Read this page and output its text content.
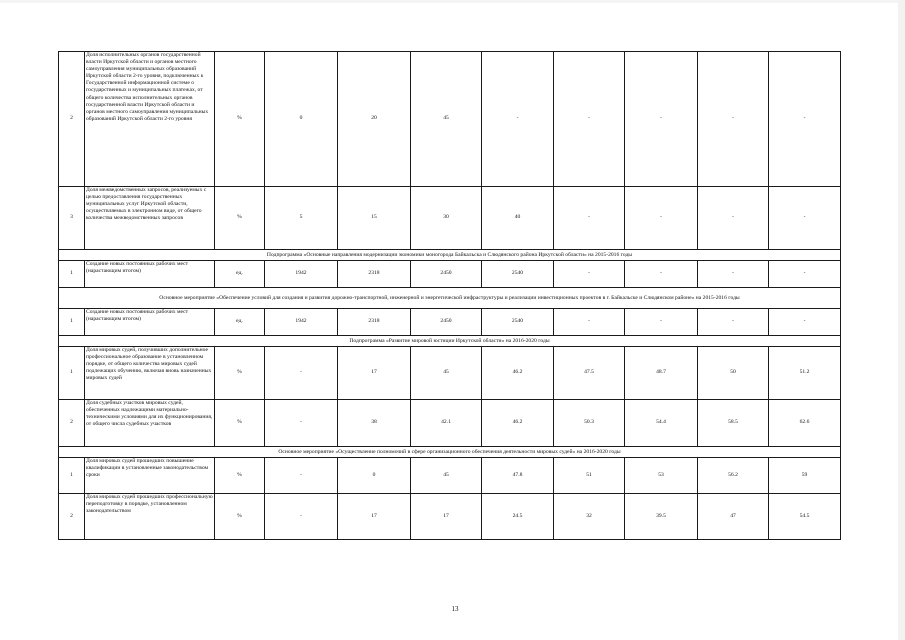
2	Доля исполнительных органов государственной власти Иркутской области и органов местного самоуправления муниципальных образований Иркутской области 2-го уровня, подключенных к Государственной информационной системе о государственных и муниципальных платежах, от общего количества исполнительных органов государственной власти Иркутской области и органов местного самоуправления муниципальных образований Иркутской области 2-го уровня	%	0	20	45	-	-	-	-	-
3	Доля межведомственных запросов, реализуемых с целью предоставления государственных муниципальных услуг Иркутской области, осуществляемых в электронном виде, от общего количества межведомственных запросов	%	5	15	30	40	-	-	-	-
Подпрограмма «Основные направления модернизации экономики моногорода Байкальска и Слюдянского района Иркутской области» на 2015-2016 годы										
1	Создание новых постоянных рабочих мест (нарастающим итогом)	ед.	1942	2318	2450	2540	-	-	-	-
Основное мероприятие «Обеспечение условий для создания и развития дорожно-транспортной, инженерной и энергетической инфраструктуры и реализации инвестиционных проектов в г. Байкальске и Слюдянском районе» на 2015-2016 годы										
1	Создание новых постоянных рабочих мест (нарастающим итогом)	ед.	1942	2318	2450	2540	-	-	-	-
Подпрограмма «Развитие мировой юстиции Иркутской области» на 2016-2020 годы										
1	Доля мировых судей, получивших дополнительное профессиональное образование в установленном порядке, от общего количества мировых судей подлежащих обучению, включая вновь назначенных мировых судей	%	-	17	45	46.2	47.5	48.7	50	51.2
2	Доля судебных участков мировых судей, обеспеченных надлежащими материально-техническими условиями для их функционирования, от общего числа судебных участков	%	-	38	42.1	46.2	50.3	54.4	58.5	62.6
Основное мероприятие «Осуществление полномочий в сфере организационного обеспечения деятельности мировых судей» на 2016-2020 годы										
1	Доля мировых судей прошедших повышение квалификации в установленные законодательством сроки	%	-	0	45	47.8	51	53	56.2	59
2	Доля мировых судей прошедших профессиональную переподготовку в порядке, установленном законодательством	%	-	17	17	24.5	32	39.5	47	54.5
13
